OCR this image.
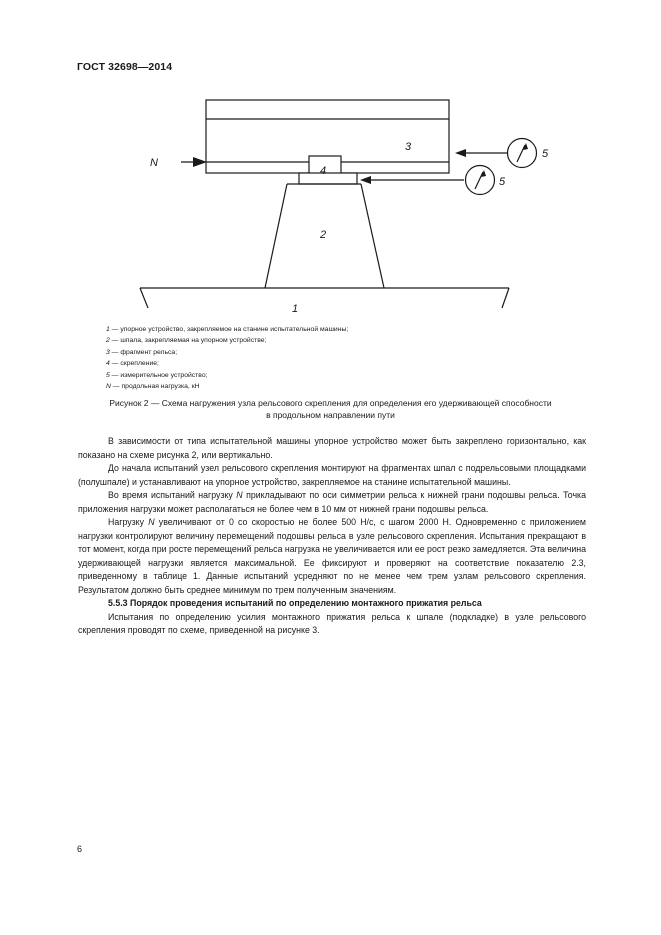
ГОСТ 32698—2014
N
3
4
2
1
5
5
1 — упорное устройство, закрепляемое на станине испытательной машины;
2 — шпала, закрепляемая на упорном устройстве;
3 — фрагмент рельса;
4 — скрепление;
5 — измерительное устройство;
N — продольная нагрузка, кН
Рисунок 2 — Схема нагружения узла рельсового скрепления для определения его удерживающей способности
в продольном направлении пути

В зависимости от типа испытательной машины упорное устройство может быть закреплено горизонтально, как показано на схеме рисунка 2, или вертикально.

До начала испытаний узел рельсового скрепления монтируют на фрагментах шпал с подрельсовыми площадками (полушпале) и устанавливают на упорное устройство, закрепляемое на станине испытательной машины.

Во время испытаний нагрузку N прикладывают по оси симметрии рельса к нижней грани подошвы рельса. Точка приложения нагрузки может располагаться не более чем в 10 мм от нижней грани подошвы рельса.

Нагрузку N увеличивают от 0 со скоростью не более 500 Н/с, с шагом 2000 Н. Одновременно с приложением нагрузки контролируют величину перемещений подошвы рельса в узле рельсового скрепления. Испытания прекращают в тот момент, когда при росте перемещений рельса нагрузка не увеличивается или ее рост резко замедляется. Эта величина удерживающей нагрузки является максимальной. Ее фиксируют и проверяют на соответствие показателю 2.3, приведенному в таблице 1. Данные испытаний усредняют по не менее чем трем узлам рельсового скрепления. Результатом должно быть среднее минимум по трем полученным значениям.

5.5.3 Порядок проведения испытаний по определению монтажного прижатия рельса

Испытания по определению усилия монтажного прижатия рельса к шпале (подкладке) в узле рельсового скрепления проводят по схеме, приведенной на рисунке 3.

6
